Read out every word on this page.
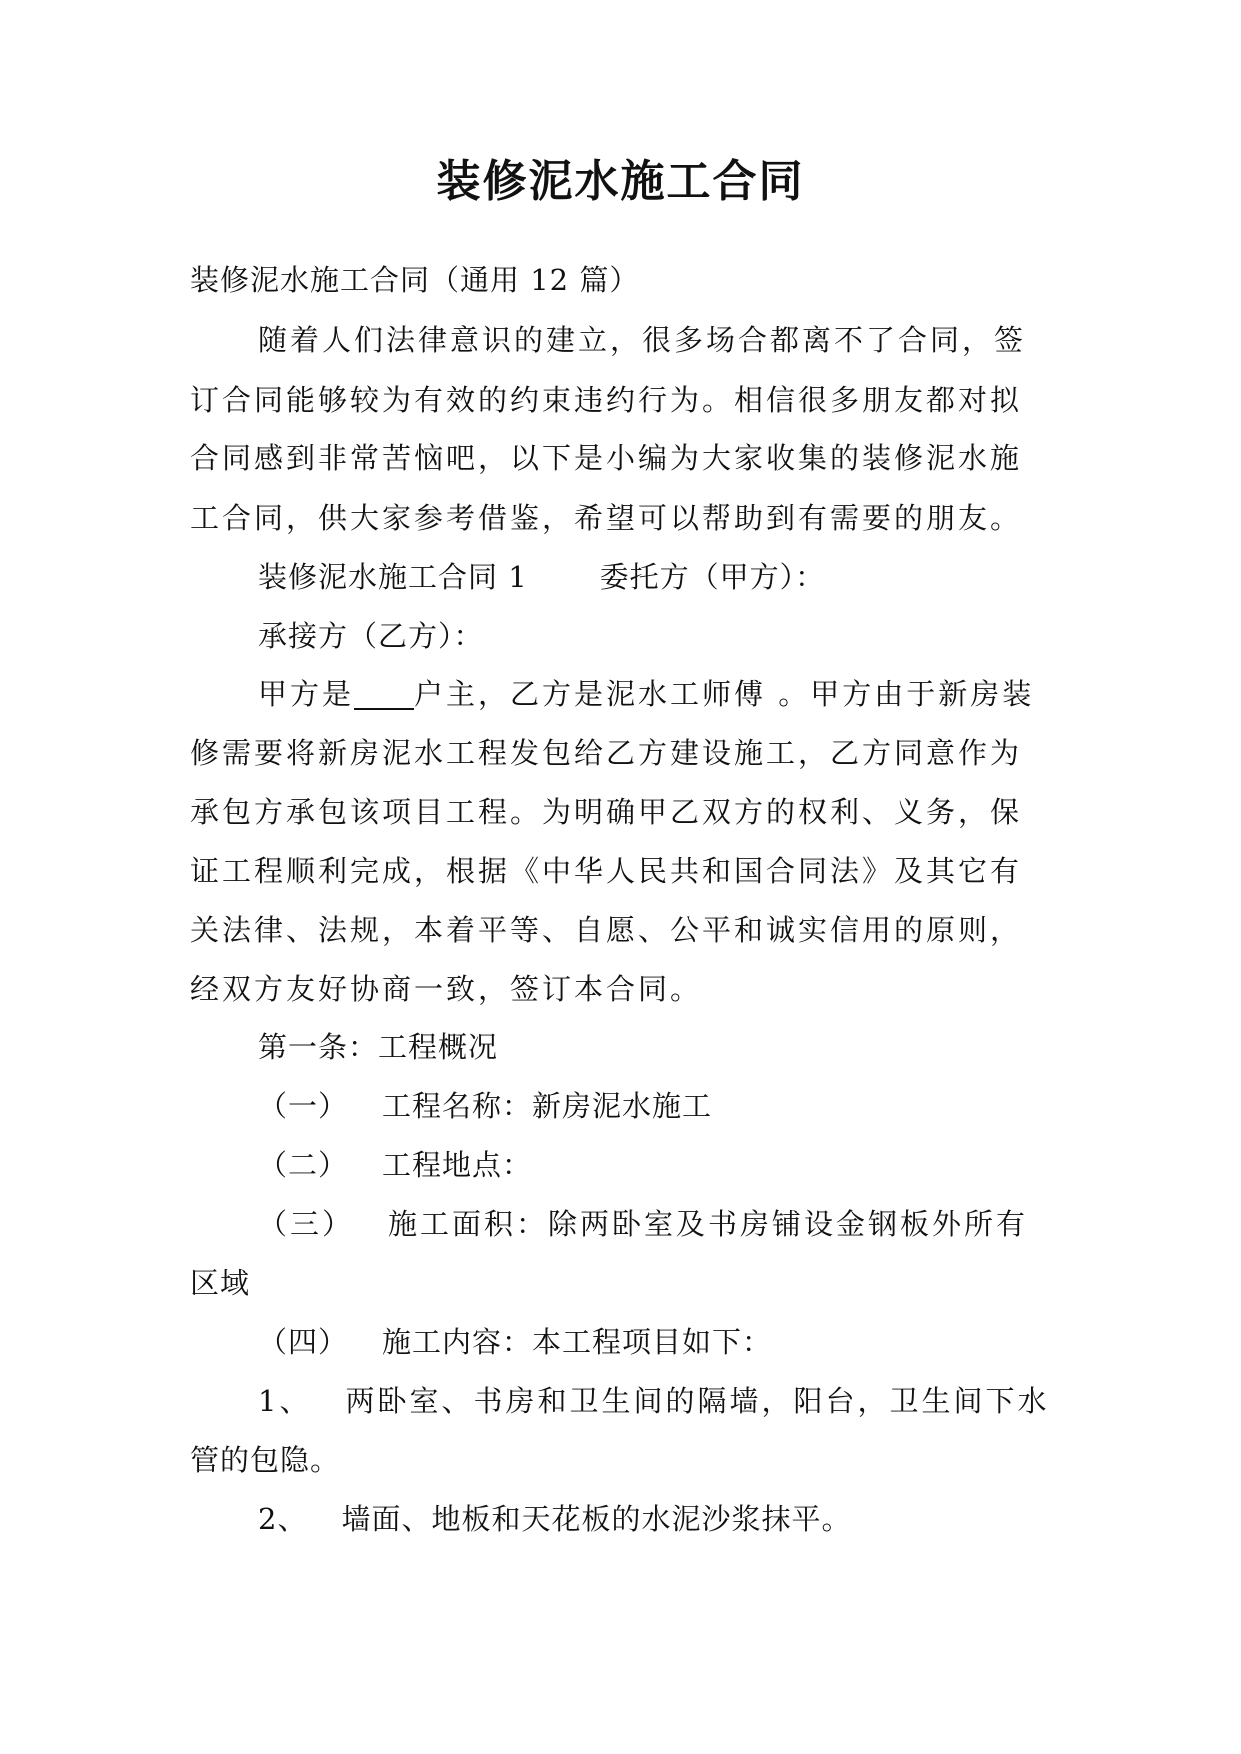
装修泥水施工合同
装修泥水施工合同（通用 12 篇）
随着人们法律意识的建立，很多场合都离不了合同，签
订合同能够较为有效的约束违约行为。相信很多朋友都对拟
合同感到非常苦恼吧，以下是小编为大家收集的装修泥水施
工合同，供大家参考借鉴，希望可以帮助到有需要的朋友。
装修泥水施工合同 1 委托方（甲方）：
承接方（乙方）：
甲方是 户主，乙方是泥水工师傅 。甲方由于新房装
修需要将新房泥水工程发包给乙方建设施工，乙方同意作为
承包方承包该项目工程。为明确甲乙双方的权利、义务，保
证工程顺利完成，根据《中华人民共和国合同法》及其它有
关法律、法规，本着平等、自愿、公平和诚实信用的原则，
经双方友好协商一致，签订本合同。
第一条：工程概况
（一） 工程名称：新房泥水施工
（二） 工程地点：
（三） 施工面积：除两卧室及书房铺设金钢板外所有
区域
（四） 施工内容：本工程项目如下：
1、 两卧室、书房和卫生间的隔墙，阳台，卫生间下水
管的包隐。
2、 墙面、地板和天花板的水泥沙浆抹平。
